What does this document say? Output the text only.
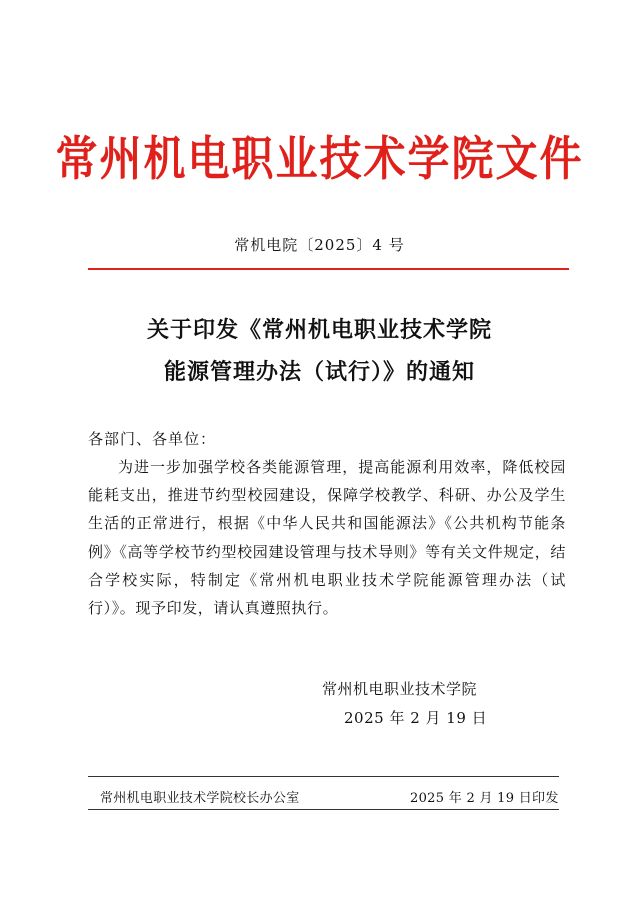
常州机电职业技术学院文件
常机电院〔2025〕4 号
关于印发《常州机电职业技术学院
能源管理办法（试行）》的通知
各部门、各单位：
为进一步加强学校各类能源管理，提高能源利用效率，降低校园能耗支出，推进节约型校园建设，保障学校教学、科研、办公及学生生活的正常进行，根据《中华人民共和国能源法》《公共机构节能条例》《高等学校节约型校园建设管理与技术导则》等有关文件规定，结合学校实际，特制定《常州机电职业技术学院能源管理办法（试行）》。现予印发，请认真遵照执行。
常州机电职业技术学院
2025 年 2 月 19 日
常州机电职业技术学院校长办公室	2025 年 2 月 19 日印发
